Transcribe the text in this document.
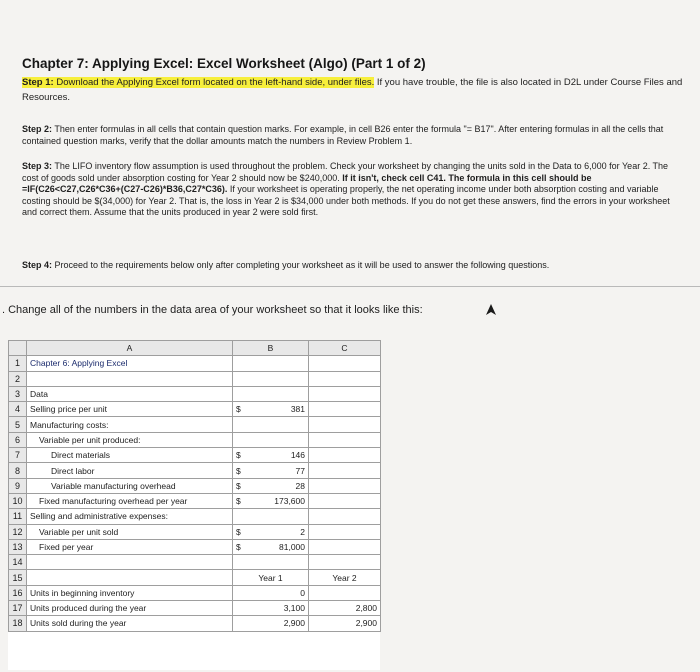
Chapter 7: Applying Excel: Excel Worksheet (Algo) (Part 1 of 2)
Step 1: Download the Applying Excel form located on the left-hand side, under files. If you have trouble, the file is also located in D2L under Course Files and Resources.
Step 2: Then enter formulas in all cells that contain question marks. For example, in cell B26 enter the formula "= B17". After entering formulas in all the cells that contained question marks, verify that the dollar amounts match the numbers in Review Problem 1.
Step 3: The LIFO inventory flow assumption is used throughout the problem. Check your worksheet by changing the units sold in the Data to 6,000 for Year 2. The cost of goods sold under absorption costing for Year 2 should now be $240,000. If it isn't, check cell C41. The formula in this cell should be =IF(C26<C27,C26*C36+(C27-C26)*B36,C27*C36). If your worksheet is operating properly, the net operating income under both absorption costing and variable costing should be $(34,000) for Year 2. That is, the loss in Year 2 is $34,000 under both methods. If you do not get these answers, find the errors in your worksheet and correct them. Assume that the units produced in year 2 were sold first.
Step 4: Proceed to the requirements below only after completing your worksheet as it will be used to answer the following questions.
. Change all of the numbers in the data area of your worksheet so that it looks like this:
	A	B	C
1	Chapter 6: Applying Excel		
2			
3	Data		
4	Selling price per unit	$ 381	
5	Manufacturing costs:		
6	Variable per unit produced:		
7	Direct materials	$ 146	
8	Direct labor	$ 77	
9	Variable manufacturing overhead	$ 28	
10	Fixed manufacturing overhead per year	$ 173,600	
11	Selling and administrative expenses:		
12	Variable per unit sold	$ 2	
13	Fixed per year	$ 81,000	
14			
15		Year 1	Year 2
16	Units in beginning inventory	0	
17	Units produced during the year	3,100	2,800
18	Units sold during the year	2,900	2,900
